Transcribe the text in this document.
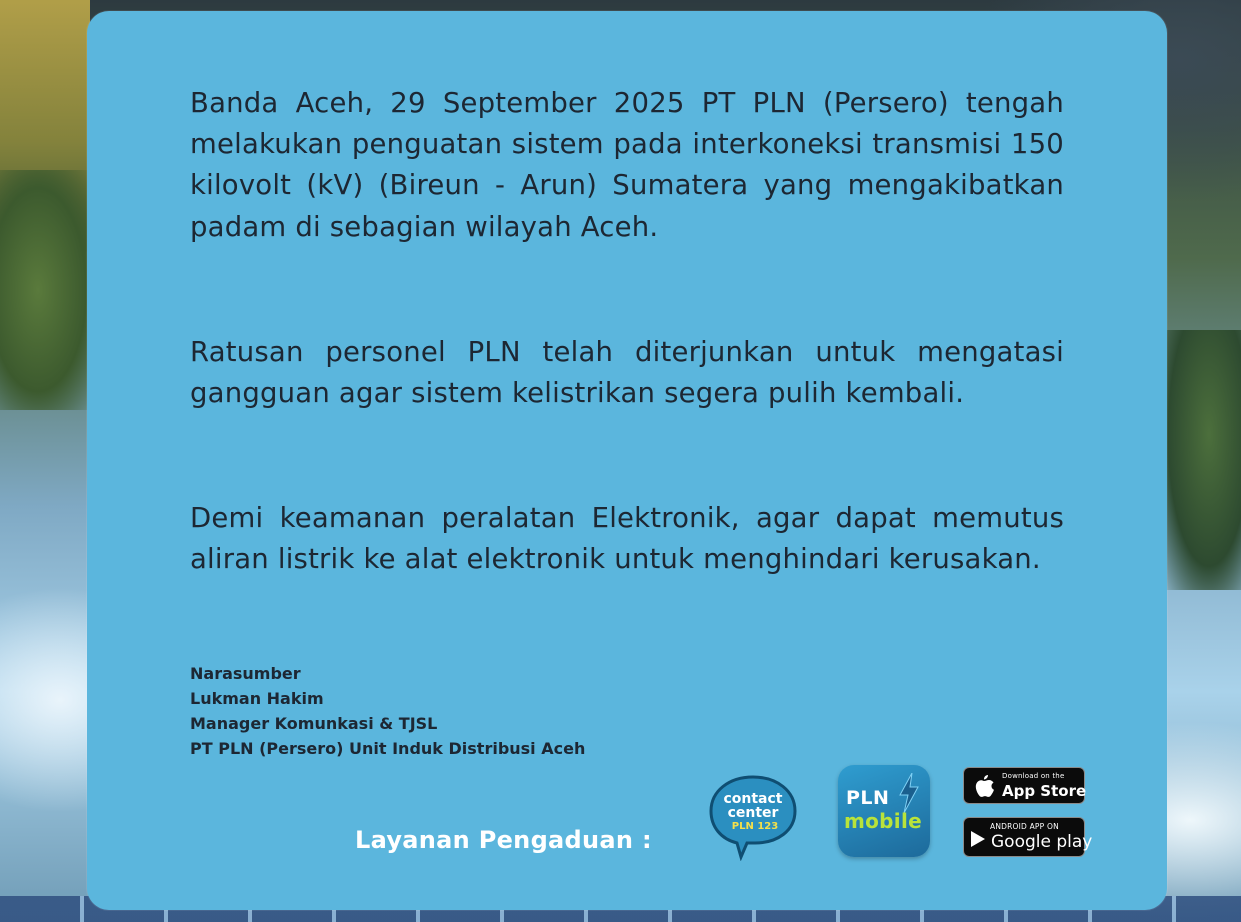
Banda Aceh, 29 September 2025 PT PLN (Persero) tengah melakukan penguatan sistem pada interkoneksi transmisi 150 kilovolt (kV) (Bireun - Arun) Sumatera yang mengakibatkan padam di sebagian wilayah Aceh.

Ratusan personel PLN telah diterjunkan untuk mengatasi gangguan agar sistem kelistrikan segera pulih kembali.

Demi keamanan peralatan Elektronik, agar dapat memutus aliran listrik ke alat elektronik untuk menghindari kerusakan.

Narasumber
Lukman Hakim
Manager Komunkasi & TJSL
PT PLN (Persero) Unit Induk Distribusi Aceh
Layanan Pengaduan :
contact
center
PLN 123
PLN
mobile
Download on the
App Store
ANDROID APP ON
Google play
